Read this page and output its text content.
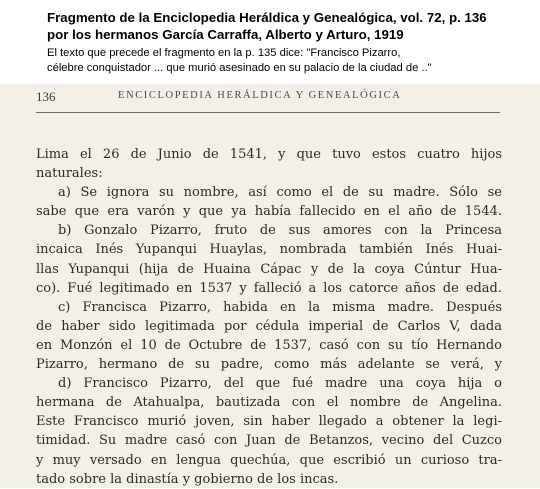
Fragmento de la Enciclopedia Heráldica y Genealógica, vol. 72, p. 136
por los hermanos García Carraffa, Alberto y Arturo, 1919
El texto que precede el fragmento en la p. 135 dice: "Francisco Pizarro,
célebre conquistador ... que murió asesinado en su palacio de la ciudad de .."
136	ENCICLOPEDIA HERÁLDICA Y GENEALÓGICA
Lima el 26 de Junio de 1541, y que tuvo estos cuatro hijos
naturales:
a) Se ignora su nombre, así como el de su madre. Sólo se
sabe que era varón y que ya había fallecido en el año de 1544.
b) Gonzalo Pizarro, fruto de sus amores con la Princesa
incaica Inés Yupanqui Huaylas, nombrada también Inés Huai-
llas Yupanqui (hija de Huaina Cápac y de la coya Cúntur Hua-
co). Fué legitimado en 1537 y falleció a los catorce años de edad.
c) Francisca Pizarro, habida en la misma madre. Después
de haber sido legitimada por cédula imperial de Carlos V, dada
en Monzón el 10 de Octubre de 1537, casó con su tío Hernando
Pizarro, hermano de su padre, como más adelante se verá, y
d) Francisco Pizarro, del que fué madre una coya hija o
hermana de Atahualpa, bautizada con el nombre de Angelina.
Este Francisco murió joven, sin haber llegado a obtener la legi-
timidad. Su madre casó con Juan de Betanzos, vecino del Cuzco
y muy versado en lengua quechúa, que escribió un curioso tra-
tado sobre la dinastía y gobierno de los incas.
